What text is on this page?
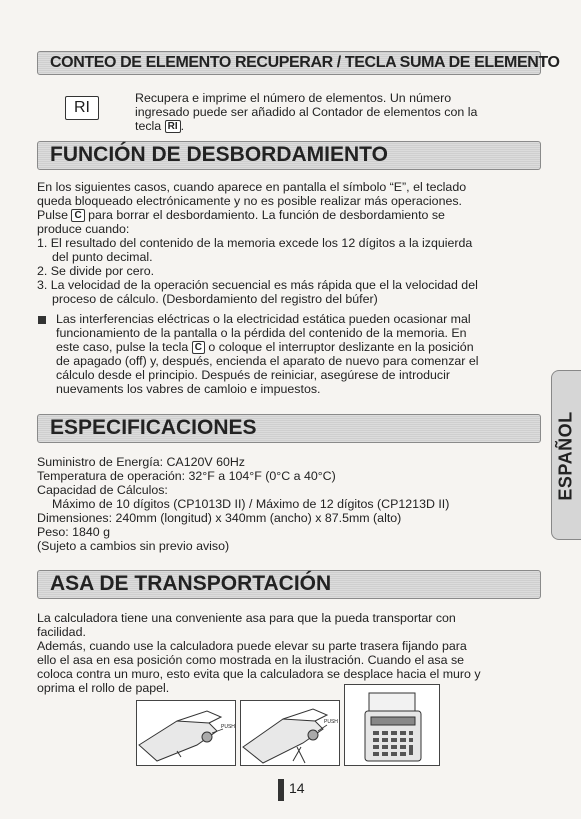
CONTEO DE ELEMENTO RECUPERAR / TECLA SUMA DE ELEMENTO
RI
Recupera e imprime el número de elementos. Un número
ingresado puede ser añadido al Contador de elementos con la
tecla RI .
FUNCIÓN DE DESBORDAMIENTO
En los siguientes casos, cuando aparece en pantalla el símbolo “E”, el teclado
queda bloqueado electrónicamente y no es posible realizar más operaciones.
Pulse C para borrar el desbordamiento. La función de desbordamiento se
produce cuando:
1. El resultado del contenido de la memoria excede los 12 dígitos a la izquierda
del punto decimal.
2. Se divide por cero.
3. La velocidad de la operación secuencial es más rápida que el la velocidad del
proceso de cálculo. (Desbordamiento del registro del búfer)
Las interferencias eléctricas o la electricidad estática pueden ocasionar mal
funcionamiento de la pantalla o la pérdida del contenido de la memoria. En
este caso, pulse la tecla C o coloque el interruptor deslizante en la posición
de apagado (off) y, después, encienda el aparato de nuevo para comenzar el
cálculo desde el principio. Después de reiniciar, asegúrese de introducir
nuevaments los vabres de camloio e impuestos.
ESPECIFICACIONES
Suministro de Energía: CA120V 60Hz
Temperatura de operación: 32°F a 104°F (0°C a 40°C)
Capacidad de Cálculos:
Máximo de 10 dígitos (CP1013D II) / Máximo de 12 dígitos (CP1213D II)
Dimensiones: 240mm (longitud) x 340mm (ancho) x 87.5mm (alto)
Peso: 1840 g
(Sujeto a cambios sin previo aviso)
ASA DE TRANSPORTACIÓN
La calculadora tiene una conveniente asa para que la pueda transportar con
facilidad.
Además, cuando use la calculadora puede elevar su parte trasera fijando para
ello el asa en esa posición como mostrada en la ilustración. Cuando el asa se
coloca contra un muro, esto evita que la calculadora se desplace hacia el muro y
oprima el rollo de papel.
PUSH
PUSH
ESPAÑOL
14
